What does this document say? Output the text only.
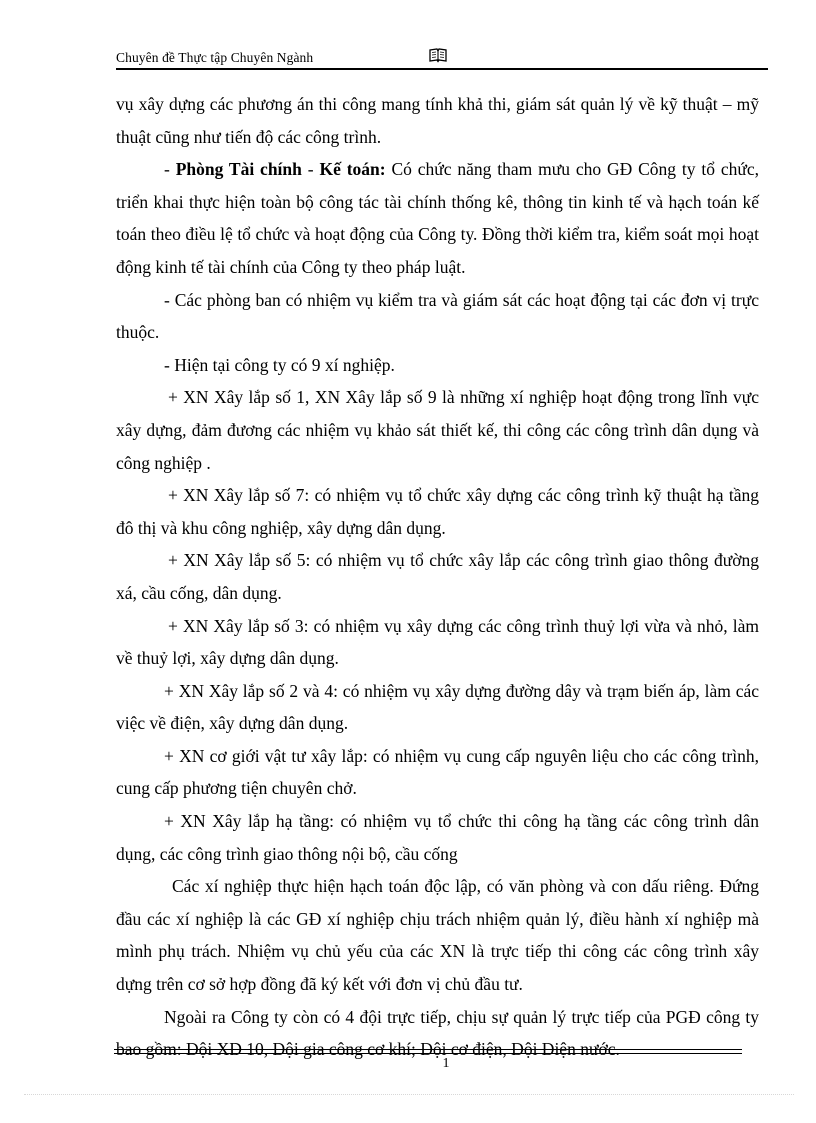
Chuyên đề Thực tập Chuyên Ngành

vụ xây dựng các phương án thi công mang tính khả thi, giám sát quản lý về kỹ thuật – mỹ thuật cũng như tiến độ các công trình.

- Phòng Tài chính - Kế toán: Có chức năng tham mưu cho GĐ Công ty tổ chức, triển khai thực hiện toàn bộ công tác tài chính thống kê, thông tin kinh tế và hạch toán kế toán theo điều lệ tổ chức và hoạt động của Công ty. Đồng thời kiểm tra, kiểm soát mọi hoạt động kinh tế tài chính của Công ty theo pháp luật.

- Các phòng ban có nhiệm vụ kiểm tra và giám sát các hoạt động tại các đơn vị trực thuộc.

- Hiện tại công ty có 9 xí nghiệp.

+ XN Xây lắp số 1, XN Xây lắp số 9 là những xí nghiệp hoạt động trong lĩnh vực xây dựng, đảm đương các nhiệm vụ khảo sát thiết kế, thi công các công trình dân dụng và công nghiệp .

+ XN Xây lắp số 7: có nhiệm vụ tổ chức xây dựng các công trình kỹ thuật hạ tầng đô thị và khu công nghiệp, xây dựng dân dụng.

+ XN Xây lắp số 5: có nhiệm vụ tổ chức xây lắp các công trình giao thông đường xá, cầu cống, dân dụng.

+ XN Xây lắp số 3: có nhiệm vụ xây dựng các công trình thuỷ lợi vừa và nhỏ, làm về thuỷ lợi, xây dựng dân dụng.

+ XN Xây lắp số 2 và 4: có nhiệm vụ xây dựng đường dây và trạm biến áp, làm các việc về điện, xây dựng dân dụng.

+ XN cơ giới vật tư xây lắp: có nhiệm vụ cung cấp nguyên liệu cho các công trình, cung cấp phương tiện chuyên chở.

+ XN Xây lắp hạ tầng: có nhiệm vụ tổ chức thi công hạ tầng các công trình dân dụng, các công trình giao thông nội bộ, cầu cống

Các xí nghiệp thực hiện hạch toán độc lập, có văn phòng và con dấu riêng. Đứng đầu các xí nghiệp là các GĐ xí nghiệp chịu trách nhiệm quản lý, điều hành xí nghiệp mà mình phụ trách. Nhiệm vụ chủ yếu của các XN là trực tiếp thi công các công trình xây dựng trên cơ sở hợp đồng đã ký kết với đơn vị chủ đầu tư.

Ngoài ra Công ty còn có 4 đội trực tiếp, chịu sự quản lý trực tiếp của PGĐ công ty bao gồm: Đội XD 10, Đội gia công cơ khí; Đội cơ điện, Đội Điện nước.

1
